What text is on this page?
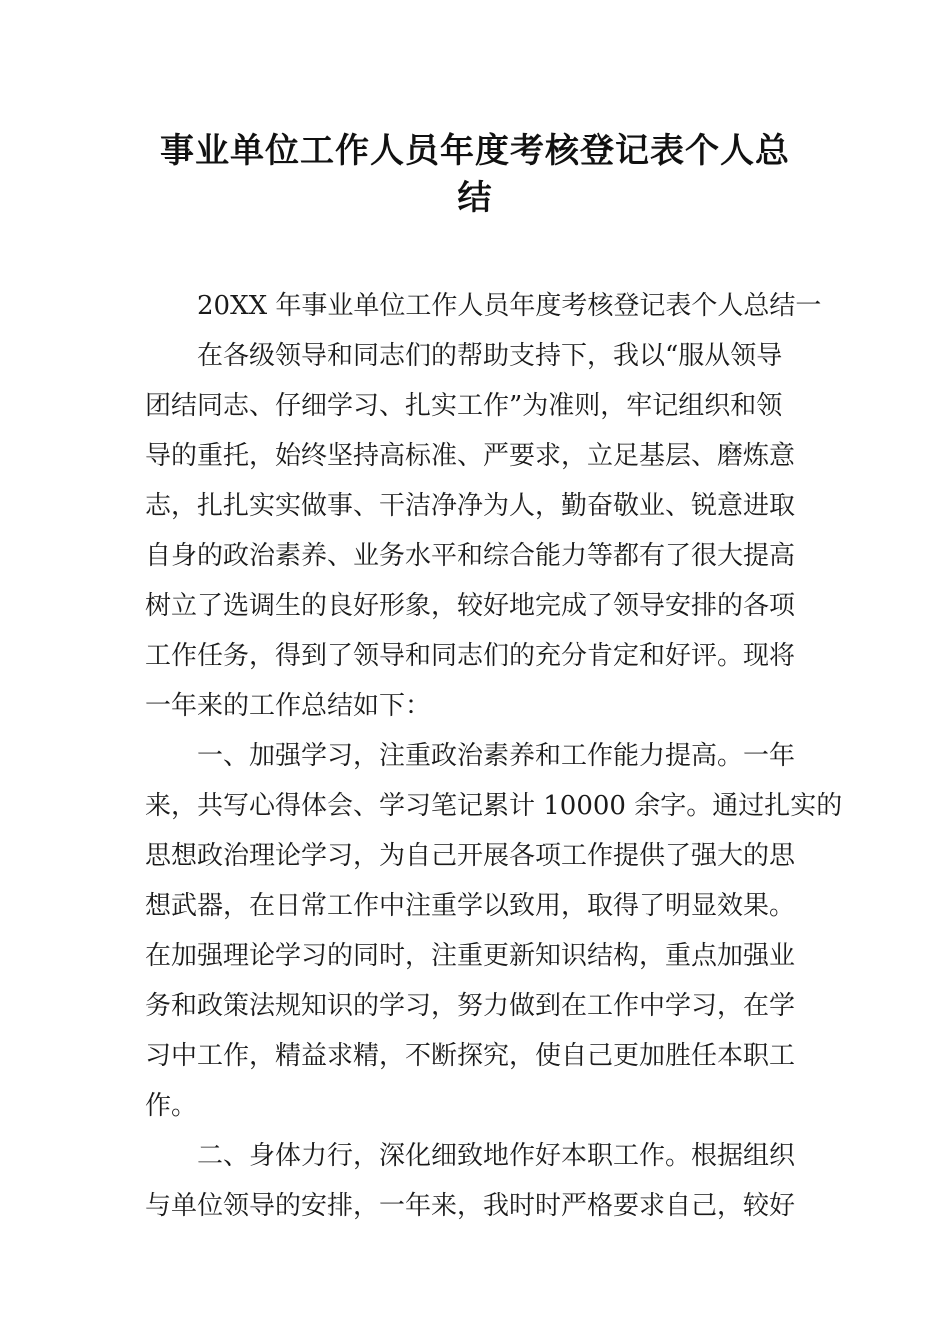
事业单位工作人员年度考核登记表个人总
结
20XX 年事业单位工作人员年度考核登记表个人总结一
在各级领导和同志们的帮助支持下，我以“服从领导
团结同志、仔细学习、扎实工作”为准则，牢记组织和领
导的重托，始终坚持高标准、严要求，立足基层、磨炼意
志，扎扎实实做事、干洁净净为人，勤奋敬业、锐意进取
自身的政治素养、业务水平和综合能力等都有了很大提高
树立了选调生的良好形象，较好地完成了领导安排的各项
工作任务，得到了领导和同志们的充分肯定和好评。现将
一年来的工作总结如下：
一、加强学习，注重政治素养和工作能力提高。一年
来，共写心得体会、学习笔记累计 10000 余字。通过扎实的
思想政治理论学习，为自己开展各项工作提供了强大的思
想武器，在日常工作中注重学以致用，取得了明显效果。
在加强理论学习的同时，注重更新知识结构，重点加强业
务和政策法规知识的学习，努力做到在工作中学习，在学
习中工作，精益求精，不断探究，使自己更加胜任本职工
作。
二、身体力行，深化细致地作好本职工作。根据组织
与单位领导的安排，一年来，我时时严格要求自己，较好
